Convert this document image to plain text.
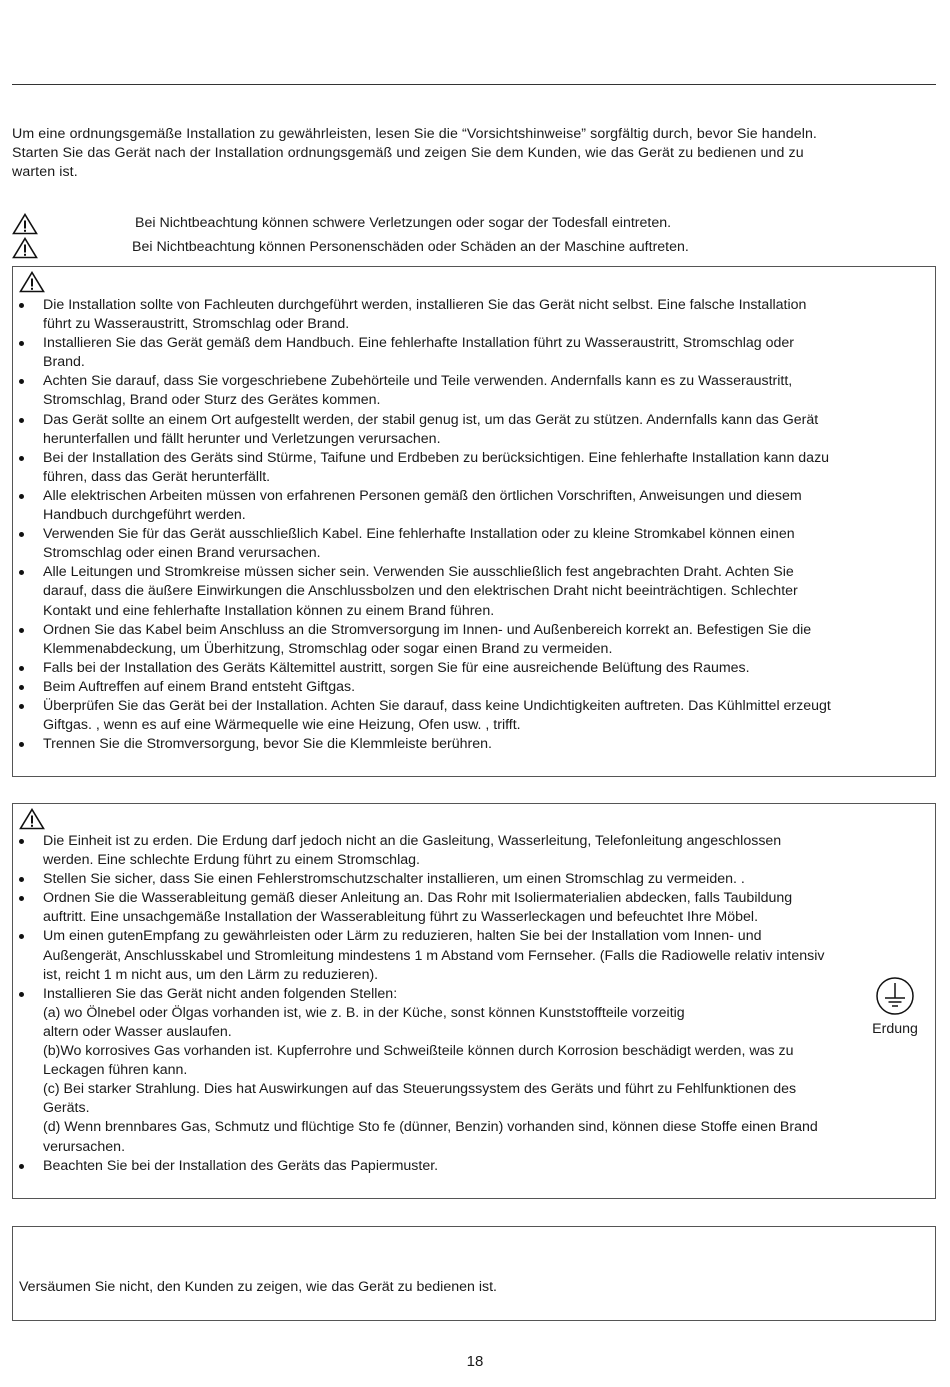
Um eine ordnungsgemäße Installation zu gewährleisten, lesen Sie die “Vorsichtshinweise” sorgfältig durch, bevor Sie handeln.

Starten Sie das Gerät nach der Installation ordnungsgemäß und zeigen Sie dem Kunden, wie das Gerät zu bedienen und zu

warten ist.

Bei Nichtbeachtung können schwere Verletzungen oder sogar der Todesfall eintreten.
Bei Nichtbeachtung können Personenschäden oder Schäden an der Maschine auftreten.
Die Installation sollte von Fachleuten durchgeführt werden, installieren Sie das Gerät nicht selbst. Eine falsche Installation
führt zu Wasseraustritt, Stromschlag oder Brand.
Installieren Sie das Gerät gemäß dem Handbuch. Eine fehlerhafte Installation führt zu Wasseraustritt, Stromschlag oder
Brand.
Achten Sie darauf, dass Sie vorgeschriebene Zubehörteile und Teile verwenden. Andernfalls kann es zu Wasseraustritt,
Stromschlag, Brand oder Sturz des Gerätes kommen.
Das Gerät sollte an einem Ort aufgestellt werden, der stabil genug ist, um das Gerät zu stützen. Andernfalls kann das Gerät
herunterfallen und fällt herunter und Verletzungen verursachen.
Bei der Installation des Geräts sind Stürme, Taifune und Erdbeben zu berücksichtigen. Eine fehlerhafte Installation kann dazu
führen, dass das Gerät herunterfällt.
Alle elektrischen Arbeiten müssen von erfahrenen Personen gemäß den örtlichen Vorschriften, Anweisungen und diesem
Handbuch durchgeführt werden.
Verwenden Sie für das Gerät ausschließlich Kabel. Eine fehlerhafte Installation oder zu kleine Stromkabel können einen
Stromschlag oder einen Brand verursachen.
Alle Leitungen und Stromkreise müssen sicher sein. Verwenden Sie ausschließlich fest angebrachten Draht. Achten Sie
darauf, dass die äußere Einwirkungen die Anschlussbolzen und den elektrischen Draht nicht beeinträchtigen. Schlechter
Kontakt und eine fehlerhafte Installation können zu einem Brand führen.
Ordnen Sie das Kabel beim Anschluss an die Stromversorgung im Innen- und Außenbereich korrekt an. Befestigen Sie die
Klemmenabdeckung, um Überhitzung, Stromschlag oder sogar einen Brand zu vermeiden.
Falls bei der Installation des Geräts Kältemittel austritt, sorgen Sie für eine ausreichende Belüftung des Raumes.
Beim Auftreffen auf einem Brand entsteht Giftgas.
Überprüfen Sie das Gerät bei der Installation. Achten Sie darauf, dass keine Undichtigkeiten auftreten. Das Kühlmittel erzeugt
Giftgas. , wenn es auf eine Wärmequelle wie eine Heizung, Ofen usw. , trifft.
Trennen Sie die Stromversorgung, bevor Sie die Klemmleiste berühren.
Die Einheit ist zu erden. Die Erdung darf jedoch nicht an die Gasleitung, Wasserleitung, Telefonleitung angeschlossen
werden. Eine schlechte Erdung führt zu einem Stromschlag.
Stellen Sie sicher, dass Sie einen Fehlerstromschutzschalter installieren, um einen Stromschlag zu vermeiden. .
Ordnen Sie die Wasserableitung gemäß dieser Anleitung an. Das Rohr mit Isoliermaterialien abdecken, falls Taubildung
auftritt. Eine unsachgemäße Installation der Wasserableitung führt zu Wasserleckagen und befeuchtet Ihre Möbel.
Um einen gutenEmpfang zu gewährleisten oder Lärm zu reduzieren, halten Sie bei der Installation vom Innen- und
Außengerät, Anschlusskabel und Stromleitung mindestens 1 m Abstand vom Fernseher. (Falls die Radiowelle relativ intensiv
ist, reicht 1 m nicht aus, um den Lärm zu reduzieren).
Installieren Sie das Gerät nicht anden folgenden Stellen:
(a) wo Ölnebel oder Ölgas vorhanden ist, wie z. B. in der Küche, sonst können Kunststoffteile vorzeitig
altern oder Wasser auslaufen.
(b)Wo korrosives Gas vorhanden ist. Kupferrohre und Schweißteile können durch Korrosion beschädigt werden, was zu
Leckagen führen kann.
(c) Bei starker Strahlung. Dies hat Auswirkungen auf das Steuerungssystem des Geräts und führt zu Fehlfunktionen des
Geräts.
(d) Wenn brennbares Gas, Schmutz und flüchtige Sto fe (dünner, Benzin) vorhanden sind, können diese Stoffe einen Brand
verursachen.
Beachten Sie bei der Installation des Geräts das Papiermuster.
Erdung
Versäumen Sie nicht, den Kunden zu zeigen, wie das Gerät zu bedienen ist.
18
